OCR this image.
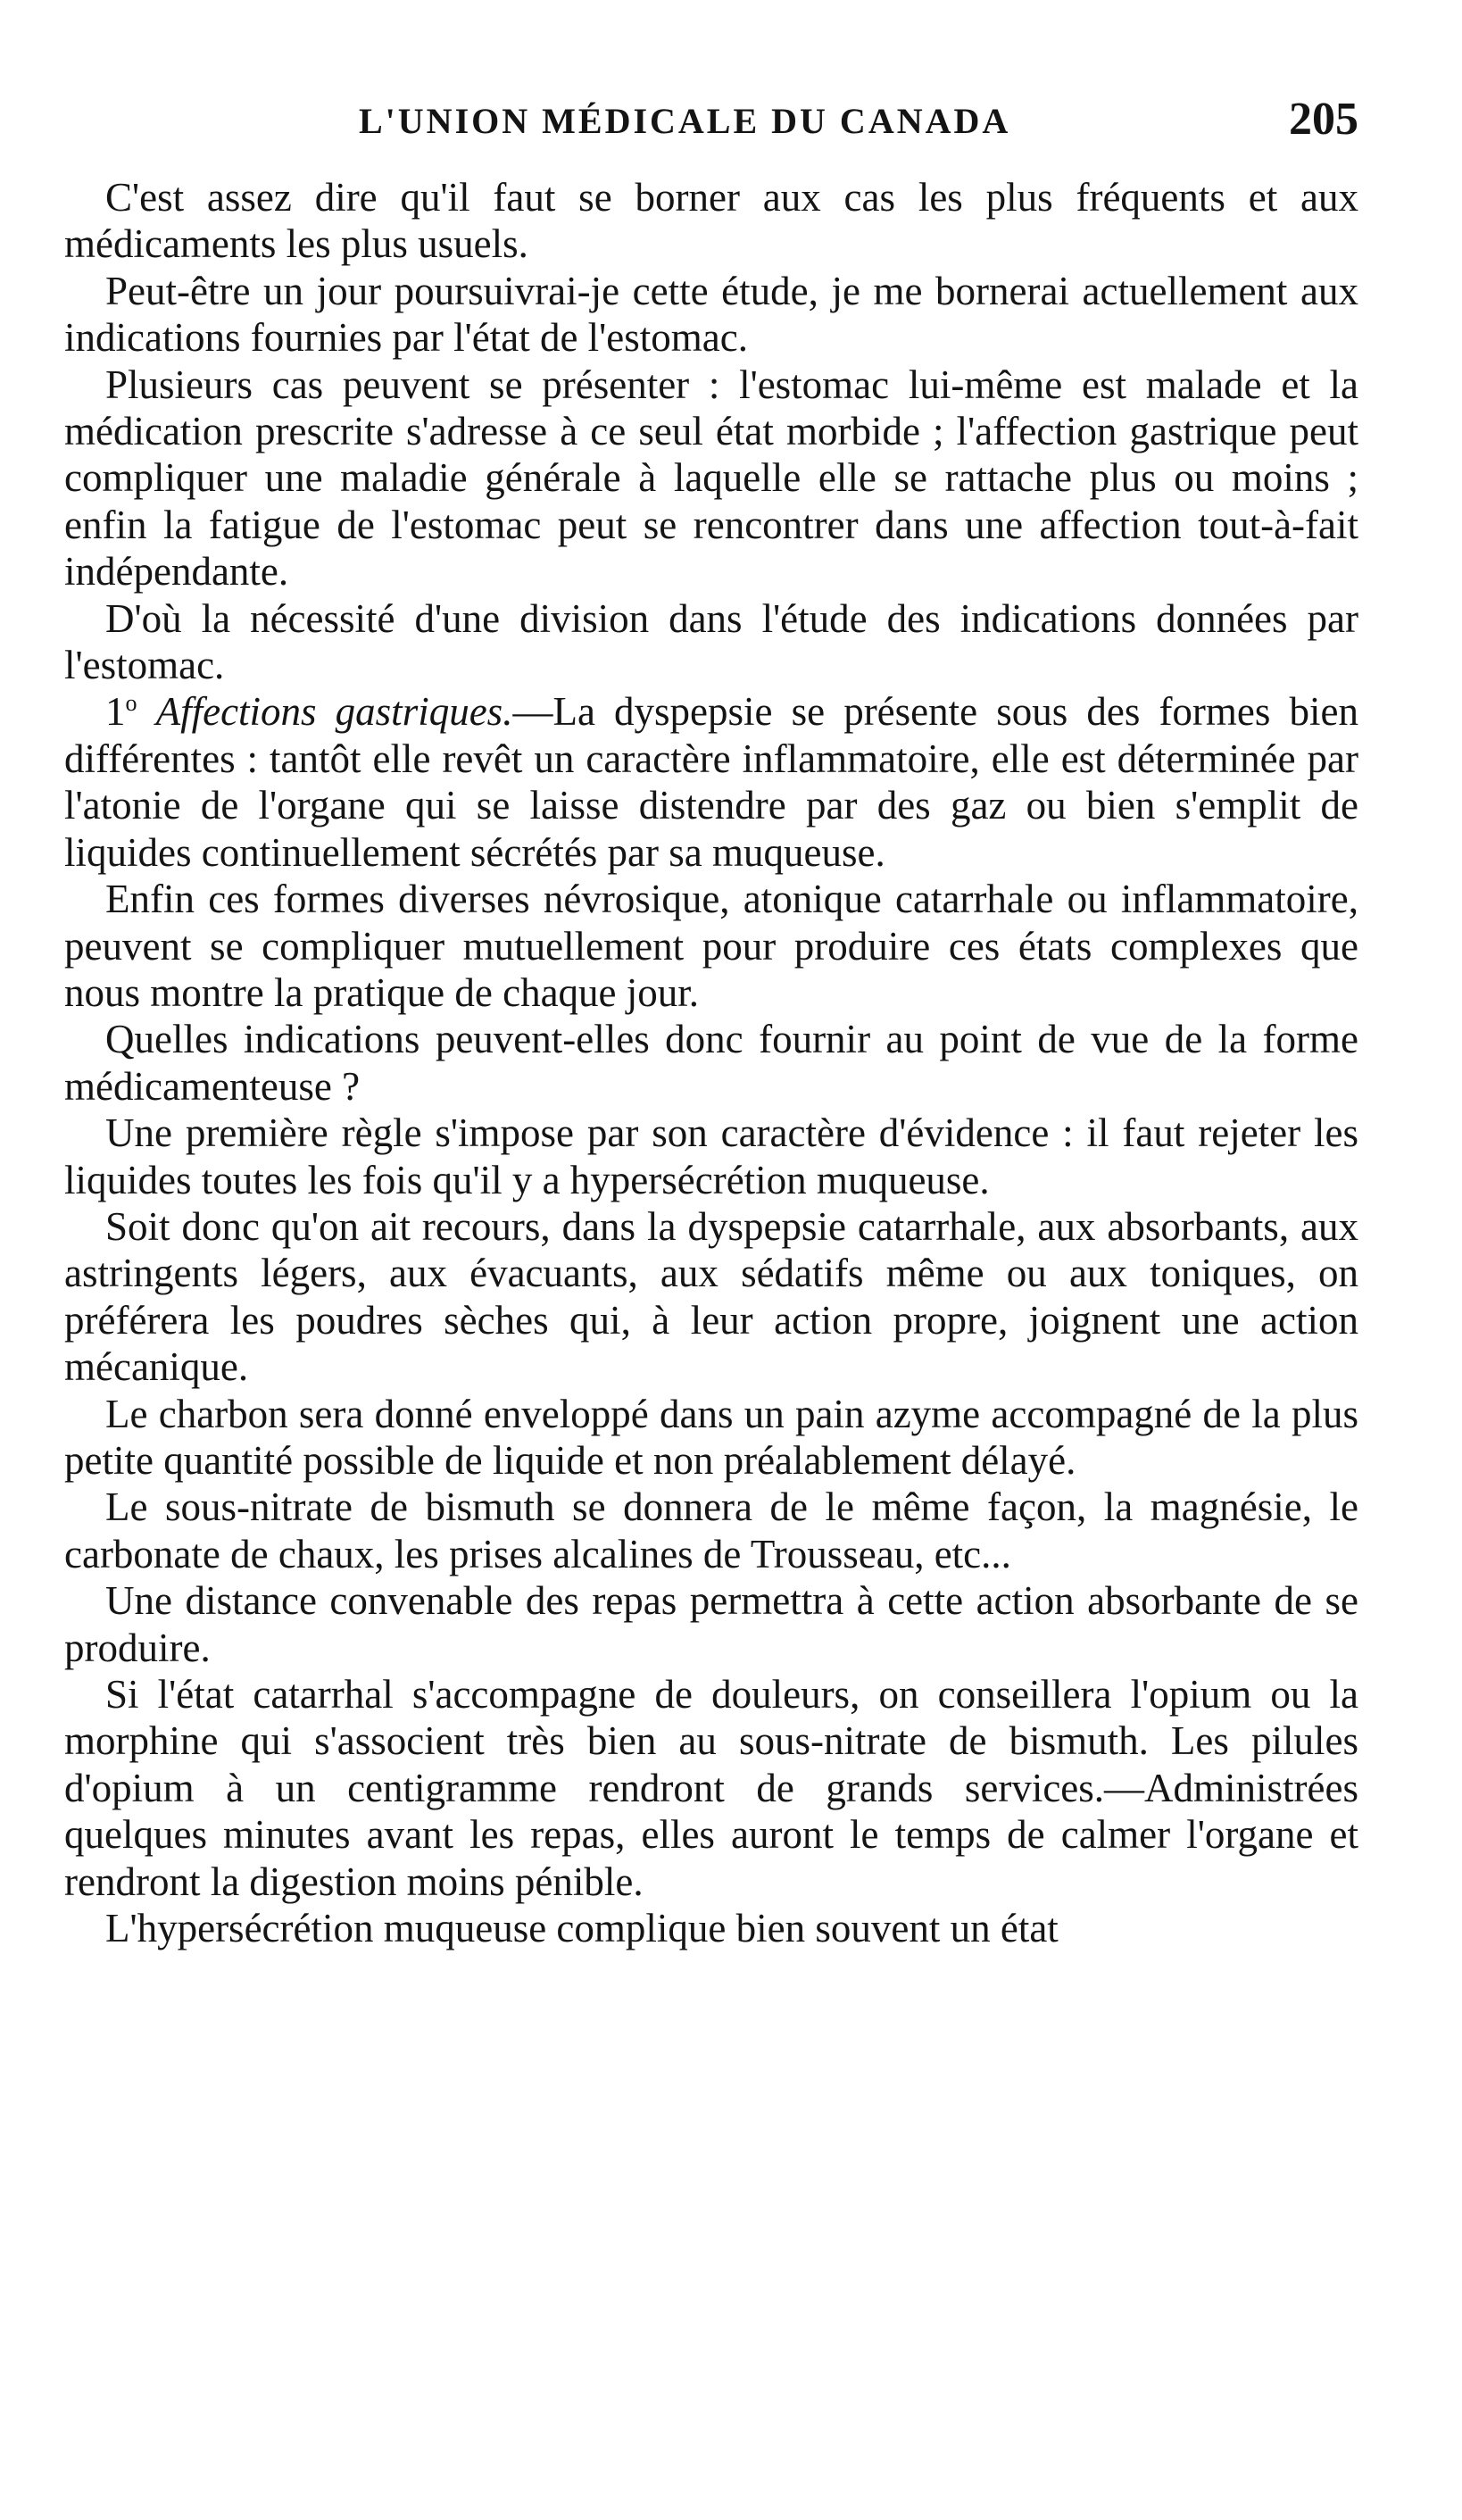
L'UNION MÉDICALE DU CANADA	205

C'est assez dire qu'il faut se borner aux cas les plus fréquents et aux médicaments les plus usuels.

Peut-être un jour poursuivrai-je cette étude, je me bornerai actuellement aux indications fournies par l'état de l'estomac.

Plusieurs cas peuvent se présenter : l'estomac lui-même est malade et la médication prescrite s'adresse à ce seul état morbide ; l'affection gastrique peut compliquer une maladie générale à laquelle elle se rattache plus ou moins ; enfin la fatigue de l'estomac peut se rencontrer dans une affection tout-à-fait indépendante.

D'où la nécessité d'une division dans l'étude des indications données par l'estomac.

1$^o$ Affections gastriques.—La dyspepsie se présente sous des formes bien différentes : tantôt elle revêt un caractère inflammatoire, elle est déterminée par l'atonie de l'organe qui se laisse distendre par des gaz ou bien s'emplit de liquides continuellement sécrétés par sa muqueuse.

Enfin ces formes diverses névrosique, atonique catarrhale ou inflammatoire, peuvent se compliquer mutuellement pour produire ces états complexes que nous montre la pratique de chaque jour.

Quelles indications peuvent-elles donc fournir au point de vue de la forme médicamenteuse ?

Une première règle s'impose par son caractère d'évidence : il faut rejeter les liquides toutes les fois qu'il y a hypersécrétion muqueuse.

Soit donc qu'on ait recours, dans la dyspepsie catarrhale, aux absorbants, aux astringents légers, aux évacuants, aux sédatifs même ou aux toniques, on préférera les poudres sèches qui, à leur action propre, joignent une action mécanique.

Le charbon sera donné enveloppé dans un pain azyme accompagné de la plus petite quantité possible de liquide et non préalablement délayé.

Le sous-nitrate de bismuth se donnera de le même façon, la magnésie, le carbonate de chaux, les prises alcalines de Trousseau, etc...

Une distance convenable des repas permettra à cette action absorbante de se produire.

Si l'état catarrhal s'accompagne de douleurs, on conseillera l'opium ou la morphine qui s'associent très bien au sous-nitrate de bismuth. Les pilules d'opium à un centigramme rendront de grands services.—Administrées quelques minutes avant les repas, elles auront le temps de calmer l'organe et rendront la digestion moins pénible.

L'hypersécrétion muqueuse complique bien souvent un état
